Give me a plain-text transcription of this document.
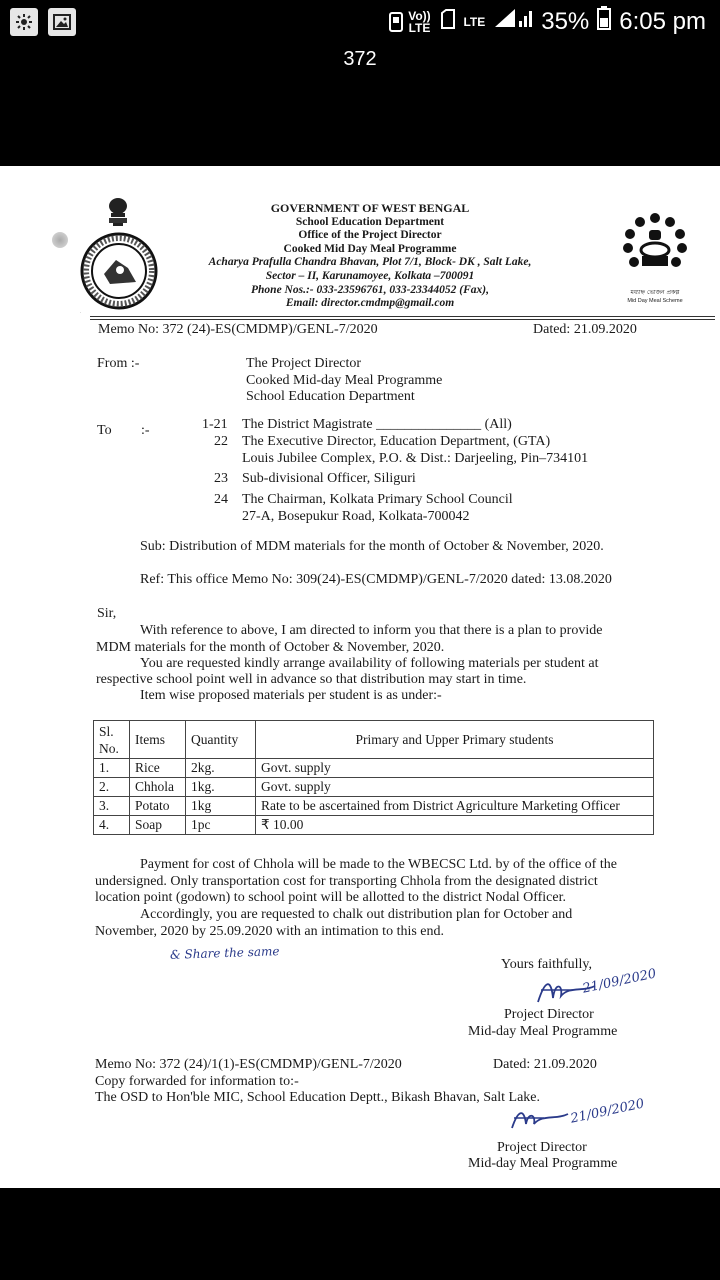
Vo)) LTE	LTE 35% 6:05 pm
372
GOVERNMENT OF WEST BENGAL
School Education Department
Office of the Project Director
Cooked Mid Day Meal Programme
Acharya Prafulla Chandra Bhavan, Plot 7/1, Block- DK , Salt Lake,
Sector – II, Karunamoyee, Kolkata –700091
Phone Nos.:- 033-23596761, 033-23344052 (Fax),
Email: director.cmdmp@gmail.com
মধ্যাহ্ন ভোজন প্রকল্প
Mid Day Meal Scheme
Memo No: 372 (24)-ES(CMDMP)/GENL-7/2020	Dated: 21.09.2020
From :-	The Project Director
Cooked Mid-day Meal Programme
School Education Department
To :-	1-21 The District Magistrate _______________ (All)
22 The Executive Director, Education Department, (GTA)
Louis Jubilee Complex, P.O. & Dist.: Darjeeling, Pin–734101
23 Sub-divisional Officer, Siliguri
24 The Chairman, Kolkata Primary School Council
27-A, Bosepukur Road, Kolkata-700042
Sub: Distribution of MDM materials for the month of October & November, 2020.
Ref: This office Memo No: 309(24)-ES(CMDMP)/GENL-7/2020 dated: 13.08.2020
Sir,
With reference to above, I am directed to inform you that there is a plan to provide
MDM materials for the month of October & November, 2020.
You are requested kindly arrange availability of following materials per student at
respective school point well in advance so that distribution may start in time.
Item wise proposed materials per student is as under:-
Sl. No.	Items	Quantity	Primary and Upper Primary students
1.	Rice	2kg.	Govt. supply
2.	Chhola	1kg.	Govt. supply
3.	Potato	1kg	Rate to be ascertained from District Agriculture Marketing Officer
4.	Soap	1pc	₹ 10.00
Payment for cost of Chhola will be made to the WBECSC Ltd. by of the office of the
undersigned. Only transportation cost for transporting Chhola from the designated district
location point (godown) to school point will be allotted to the district Nodal Officer.
Accordingly, you are requested to chalk out distribution plan for October and
November, 2020 by 25.09.2020 with an intimation to this end.
& Share the same
Yours faithfully,
21/09/2020
Project Director
Mid-day Meal Programme
Memo No: 372 (24)/1(1)-ES(CMDMP)/GENL-7/2020	Dated: 21.09.2020
Copy forwarded for information to:-
The OSD to Hon'ble MIC, School Education Deptt., Bikash Bhavan, Salt Lake. 21/09/2020
Project Director
Mid-day Meal Programme
